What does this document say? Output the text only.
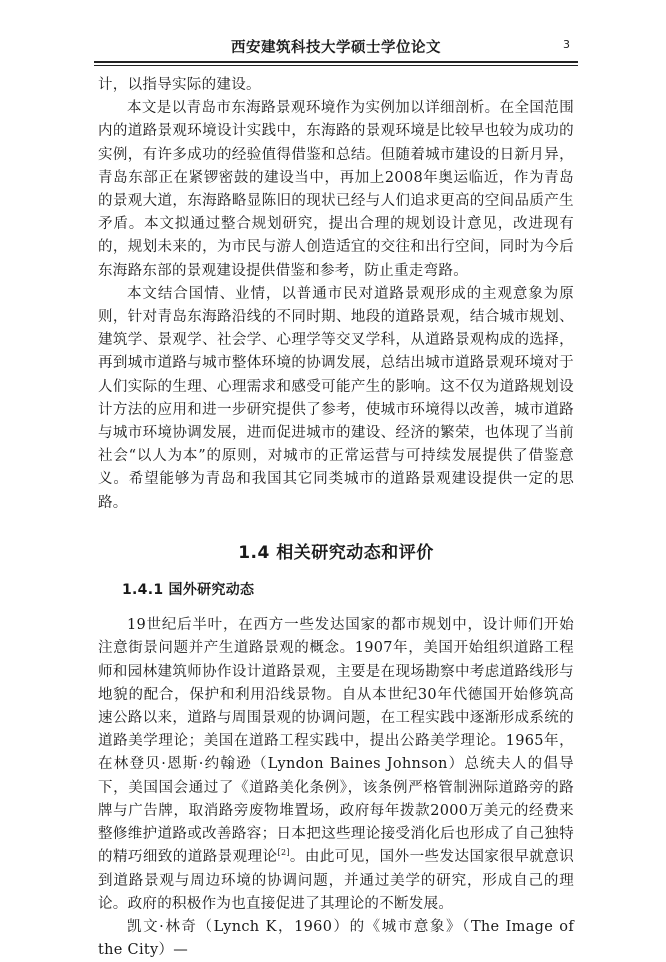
西安建筑科技大学硕士学位论文	3

计，以指导实际的建设。

本文是以青岛市东海路景观环境作为实例加以详细剖析。在全国范围内的道路景观环境设计实践中，东海路的景观环境是比较早也较为成功的实例，有许多成功的经验值得借鉴和总结。但随着城市建设的日新月异，青岛东部正在紧锣密鼓的建设当中，再加上2008年奥运临近，作为青岛的景观大道，东海路略显陈旧的现状已经与人们追求更高的空间品质产生矛盾。本文拟通过整合规划研究，提出合理的规划设计意见，改进现有的，规划未来的，为市民与游人创造适宜的交往和出行空间，同时为今后东海路东部的景观建设提供借鉴和参考，防止重走弯路。

本文结合国情、业情，以普通市民对道路景观形成的主观意象为原则，针对青岛东海路沿线的不同时期、地段的道路景观，结合城市规划、建筑学、景观学、社会学、心理学等交叉学科，从道路景观构成的选择，再到城市道路与城市整体环境的协调发展，总结出城市道路景观环境对于人们实际的生理、心理需求和感受可能产生的影响。这不仅为道路规划设计方法的应用和进一步研究提供了参考，使城市环境得以改善，城市道路与城市环境协调发展，进而促进城市的建设、经济的繁荣，也体现了当前社会“以人为本”的原则，对城市的正常运营与可持续发展提供了借鉴意义。希望能够为青岛和我国其它同类城市的道路景观建设提供一定的思路。

1.4 相关研究动态和评价
1.4.1 国外研究动态

19世纪后半叶，在西方一些发达国家的都市规划中，设计师们开始注意街景问题并产生道路景观的概念。1907年，美国开始组织道路工程师和园林建筑师协作设计道路景观，主要是在现场勘察中考虑道路线形与地貌的配合，保护和利用沿线景物。自从本世纪30年代德国开始修筑高速公路以来，道路与周围景观的协调问题，在工程实践中逐渐形成系统的道路美学理论；美国在道路工程实践中，提出公路美学理论。1965年，在林登贝·恩斯·约翰逊（Lyndon Baines Johnson）总统夫人的倡导下，美国国会通过了《道路美化条例》，该条例严格管制洲际道路旁的路牌与广告牌，取消路旁废物堆置场，政府每年拨款2000万美元的经费来整修维护道路或改善路容；日本把这些理论接受消化后也形成了自己独特的精巧细致的道路景观理论[2]。由此可见，国外一些发达国家很早就意识到道路景观与周边环境的协调问题，并通过美学的研究，形成自己的理论。政府的积极作为也直接促进了其理论的不断发展。

凯文·林奇（Lynch K，1960）的《城市意象》（The Image of the City）—
